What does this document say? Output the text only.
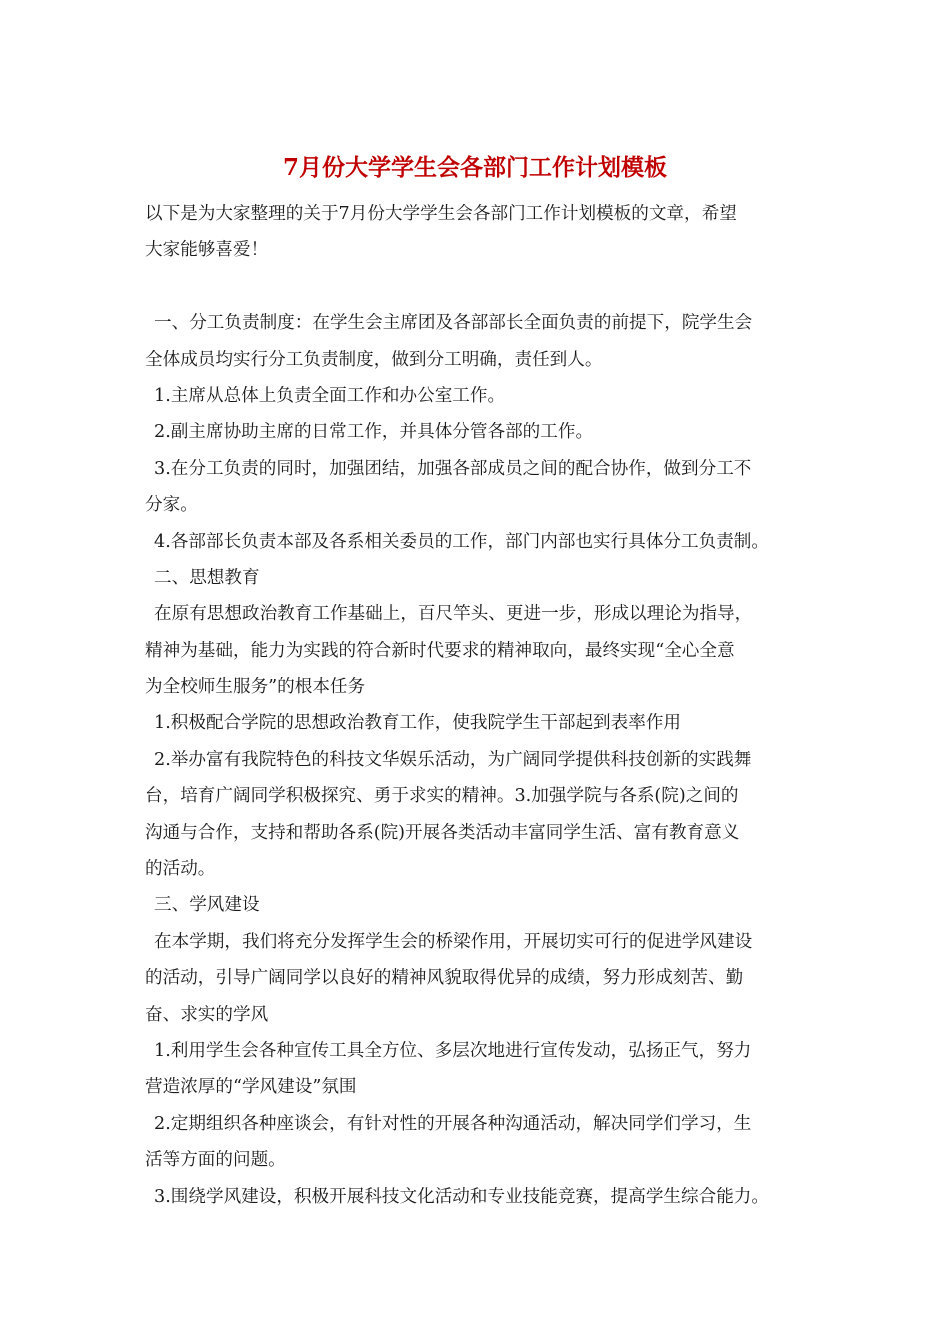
7月份大学学生会各部门工作计划模板
以下是为大家整理的关于7月份大学学生会各部门工作计划模板的文章，希望
大家能够喜爱！
一、分工负责制度：在学生会主席团及各部部长全面负责的前提下，院学生会
全体成员均实行分工负责制度，做到分工明确，责任到人。
1.主席从总体上负责全面工作和办公室工作。
2.副主席协助主席的日常工作，并具体分管各部的工作。
3.在分工负责的同时，加强团结，加强各部成员之间的配合协作，做到分工不
分家。
4.各部部长负责本部及各系相关委员的工作，部门内部也实行具体分工负责制。
二、思想教育
在原有思想政治教育工作基础上，百尺竿头、更进一步，形成以理论为指导，
精神为基础，能力为实践的符合新时代要求的精神取向，最终实现“全心全意
为全校师生服务”的根本任务
1.积极配合学院的思想政治教育工作，使我院学生干部起到表率作用
2.举办富有我院特色的科技文华娱乐活动，为广阔同学提供科技创新的实践舞
台，培育广阔同学积极探究、勇于求实的精神。3.加强学院与各系(院)之间的
沟通与合作，支持和帮助各系(院)开展各类活动丰富同学生活、富有教育意义
的活动。
三、学风建设
在本学期，我们将充分发挥学生会的桥梁作用，开展切实可行的促进学风建设
的活动，引导广阔同学以良好的精神风貌取得优异的成绩，努力形成刻苦、勤
奋、求实的学风
1.利用学生会各种宣传工具全方位、多层次地进行宣传发动，弘扬正气，努力
营造浓厚的“学风建设”氛围
2.定期组织各种座谈会，有针对性的开展各种沟通活动，解决同学们学习，生
活等方面的问题。
3.围绕学风建设，积极开展科技文化活动和专业技能竞赛，提高学生综合能力。
